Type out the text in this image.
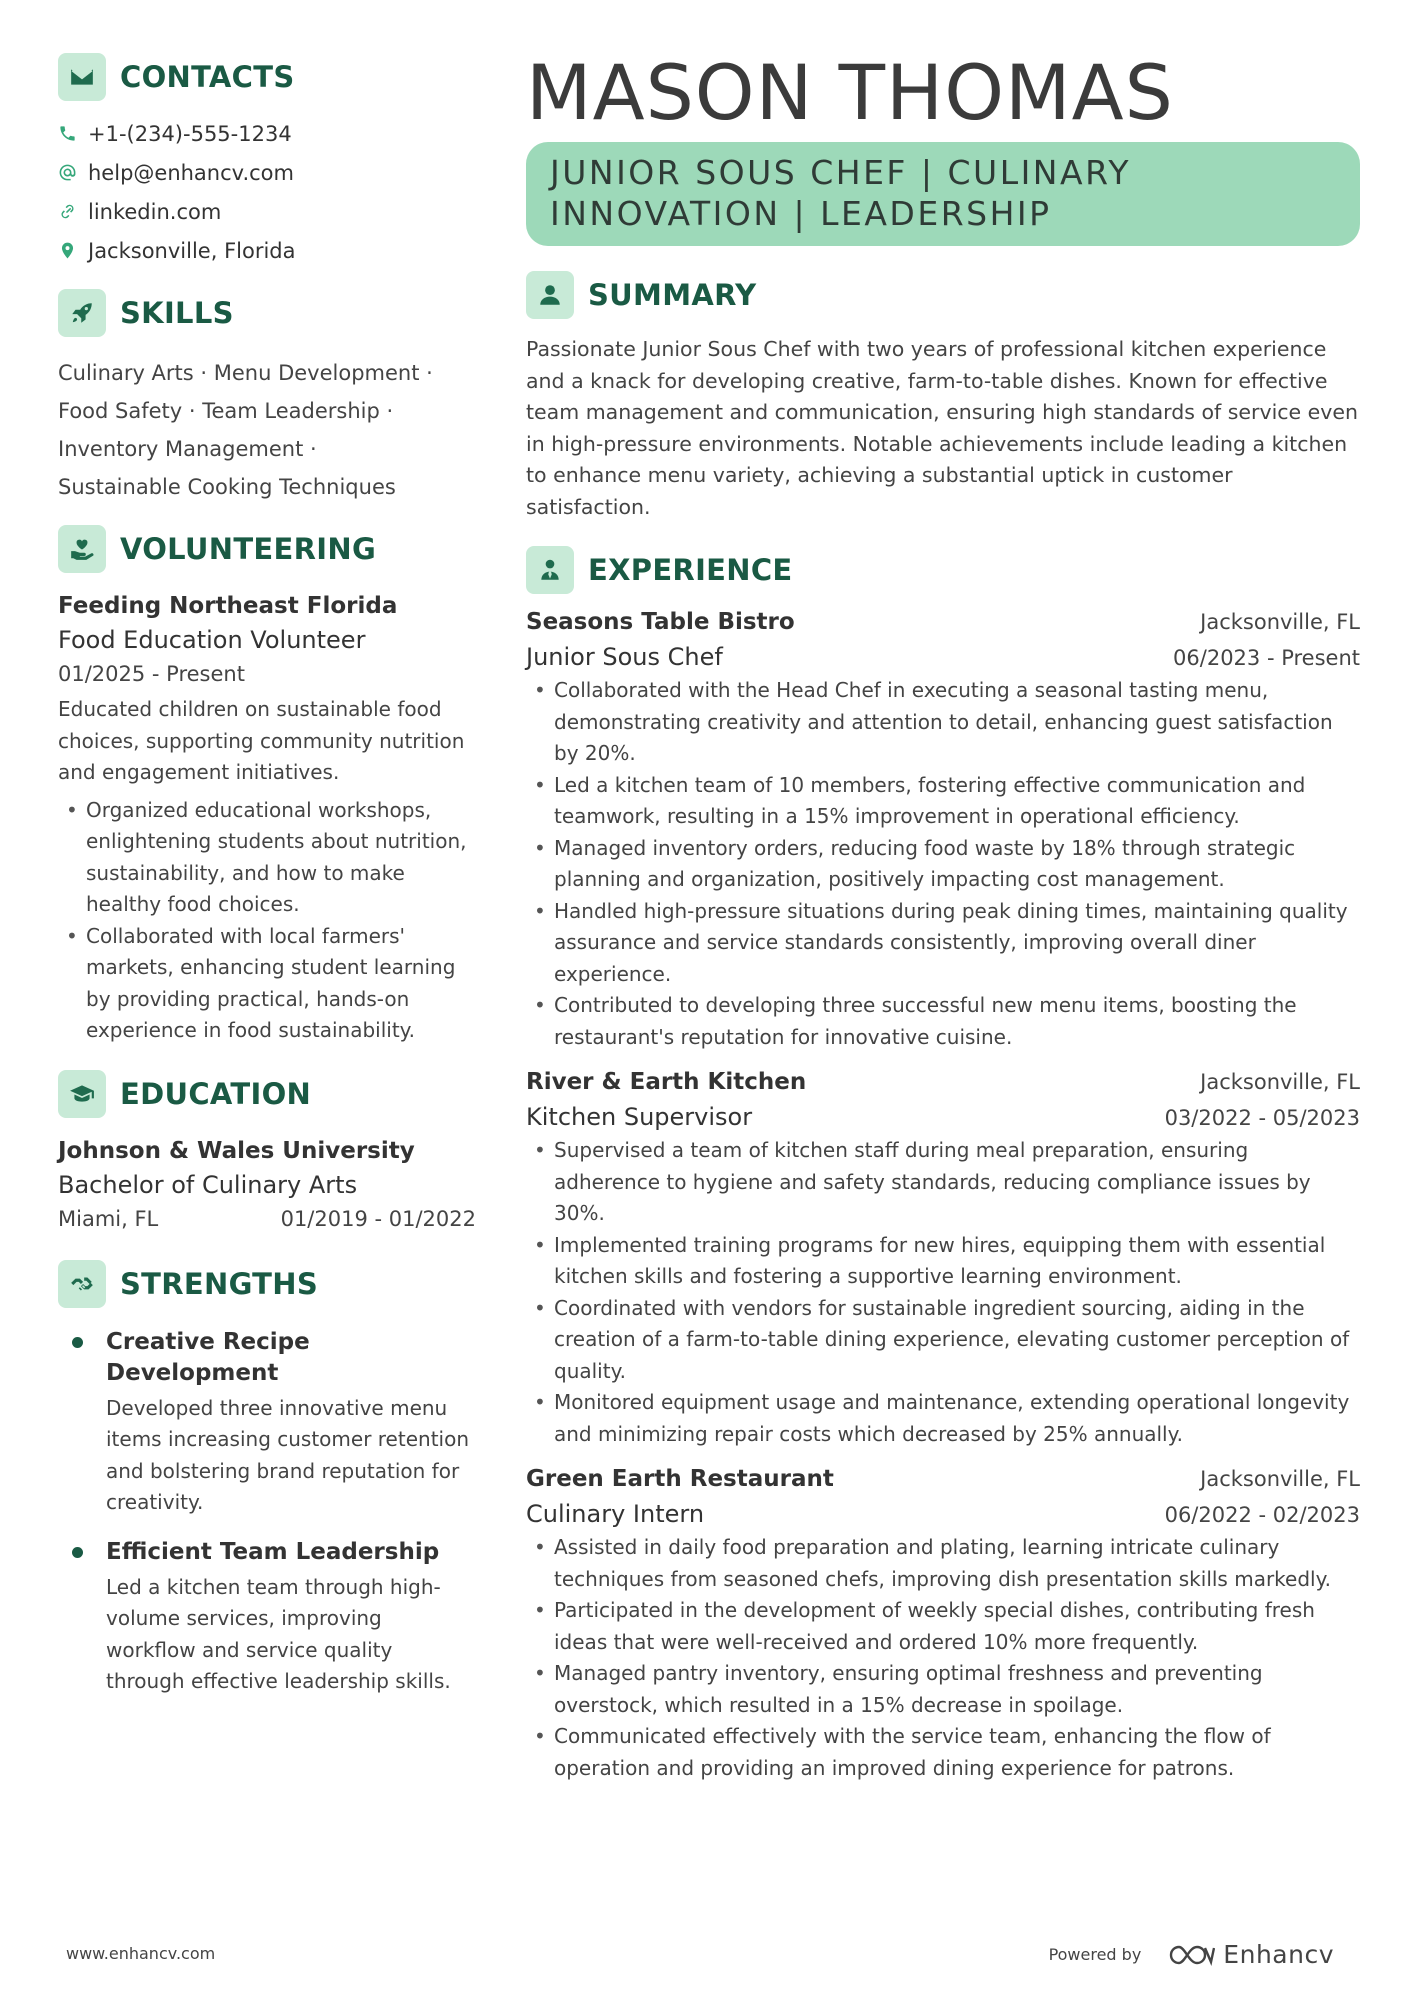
CONTACTS
+1-(234)-555-1234
help@enhancv.com
linkedin.com
Jacksonville, Florida
SKILLS
Culinary Arts · Menu Development ·
Food Safety · Team Leadership ·
Inventory Management ·
Sustainable Cooking Techniques
VOLUNTEERING
Feeding Northeast Florida
Food Education Volunteer
01/2025 - Present
Educated children on sustainable food choices, supporting community nutrition and engagement initiatives.
• Organized educational workshops, enlightening students about nutrition, sustainability, and how to make healthy food choices.
• Collaborated with local farmers' markets, enhancing student learning by providing practical, hands-on experience in food sustainability.
EDUCATION
Johnson & Wales University
Bachelor of Culinary Arts
Miami, FL	01/2019 - 01/2022
STRENGTHS
Creative Recipe Development
Developed three innovative menu items increasing customer retention and bolstering brand reputation for creativity.
Efficient Team Leadership
Led a kitchen team through high-volume services, improving workflow and service quality through effective leadership skills.
MASON THOMAS
JUNIOR SOUS CHEF | CULINARY INNOVATION | LEADERSHIP
SUMMARY
Passionate Junior Sous Chef with two years of professional kitchen experience and a knack for developing creative, farm-to-table dishes. Known for effective team management and communication, ensuring high standards of service even in high-pressure environments. Notable achievements include leading a kitchen to enhance menu variety, achieving a substantial uptick in customer satisfaction.
EXPERIENCE
Seasons Table Bistro	Jacksonville, FL
Junior Sous Chef	06/2023 - Present
• Collaborated with the Head Chef in executing a seasonal tasting menu, demonstrating creativity and attention to detail, enhancing guest satisfaction by 20%.
• Led a kitchen team of 10 members, fostering effective communication and teamwork, resulting in a 15% improvement in operational efficiency.
• Managed inventory orders, reducing food waste by 18% through strategic planning and organization, positively impacting cost management.
• Handled high-pressure situations during peak dining times, maintaining quality assurance and service standards consistently, improving overall diner experience.
• Contributed to developing three successful new menu items, boosting the restaurant's reputation for innovative cuisine.
River & Earth Kitchen	Jacksonville, FL
Kitchen Supervisor	03/2022 - 05/2023
• Supervised a team of kitchen staff during meal preparation, ensuring adherence to hygiene and safety standards, reducing compliance issues by 30%.
• Implemented training programs for new hires, equipping them with essential kitchen skills and fostering a supportive learning environment.
• Coordinated with vendors for sustainable ingredient sourcing, aiding in the creation of a farm-to-table dining experience, elevating customer perception of quality.
• Monitored equipment usage and maintenance, extending operational longevity and minimizing repair costs which decreased by 25% annually.
Green Earth Restaurant	Jacksonville, FL
Culinary Intern	06/2022 - 02/2023
• Assisted in daily food preparation and plating, learning intricate culinary techniques from seasoned chefs, improving dish presentation skills markedly.
• Participated in the development of weekly special dishes, contributing fresh ideas that were well-received and ordered 10% more frequently.
• Managed pantry inventory, ensuring optimal freshness and preventing overstock, which resulted in a 15% decrease in spoilage.
• Communicated effectively with the service team, enhancing the flow of operation and providing an improved dining experience for patrons.
www.enhancv.com	Powered by	Enhancv
